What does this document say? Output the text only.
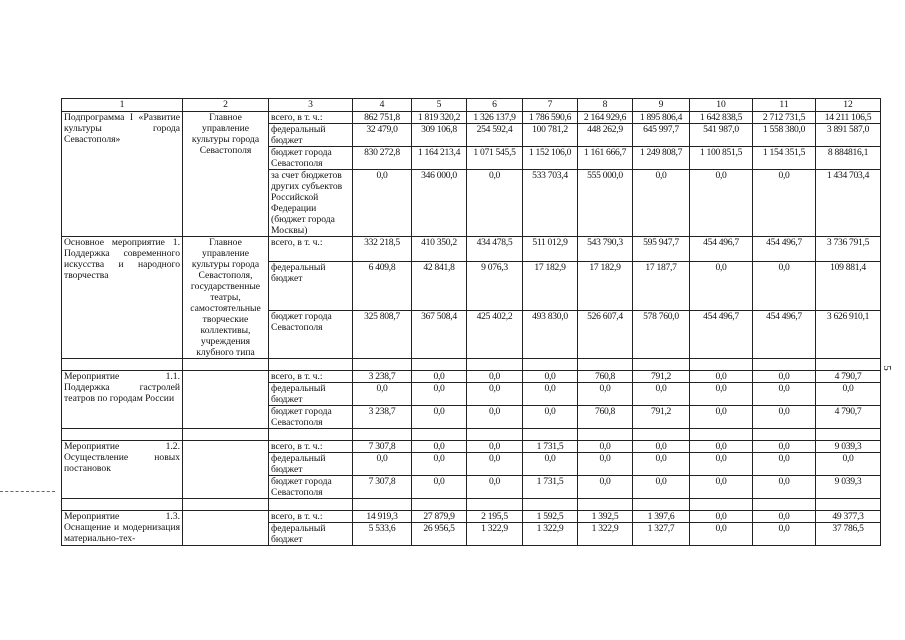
5
1	2	3	4	5	6	7	8	9	10	11	12
Подпрограмма I «Развитие культуры города Севастополя»	Главное управление культуры города Севастополя	всего, в т. ч.:	862 751,8	1 819 320,2	1 326 137,9	1 786 590,6	2 164 929,6	1 895 806,4	1 642 838,5	2 712 731,5	14 211 106,5
		федеральный бюджет	32 479,0	309 106,8	254 592,4	100 781,2	448 262,9	645 997,7	541 987,0	1 558 380,0	3 891 587,0
		бюджет города Севастополя	830 272,8	1 164 213,4	1 071 545,5	1 152 106,0	1 161 666,7	1 249 808,7	1 100 851,5	1 154 351,5	8 884816,1
		за счет бюджетов других субъектов Российской Федерации (бюджет города Москвы)	0,0	346 000,0	0,0	533 703,4	555 000,0	0,0	0,0	0,0	1 434 703,4
Основное мероприятие 1. Поддержка современного искусства и народного творчества	Главное управление культуры города Севастополя, государственные театры, самостоятельные творческие коллективы, учреждения клубного типа	всего, в т. ч.:	332 218,5	410 350,2	434 478,5	511 012,9	543 790,3	595 947,7	454 496,7	454 496,7	3 736 791,5
		федеральный бюджет	6 409,8	42 841,8	9 076,3	17 182,9	17 182,9	17 187,7	0,0	0,0	109 881,4
		бюджет города Севастополя	325 808,7	367 508,4	425 402,2	493 830,0	526 607,4	578 760,0	454 496,7	454 496,7	3 626 910,1

Мероприятие 1.1. Поддержка гастролей театров по городам России		всего, в т. ч.:	3 238,7	0,0	0,0	0,0	760,8	791,2	0,0	0,0	4 790,7
		федеральный бюджет	0,0	0,0	0,0	0,0	0,0	0,0	0,0	0,0	0,0
		бюджет города Севастополя	3 238,7	0,0	0,0	0,0	760,8	791,2	0,0	0,0	4 790,7

Мероприятие 1.2. Осуществление новых постановок		всего, в т. ч.:	7 307,8	0,0	0,0	1 731,5	0,0	0,0	0,0	0,0	9 039,3
		федеральный бюджет	0,0	0,0	0,0	0,0	0,0	0,0	0,0	0,0	0,0
		бюджет города Севастополя	7 307,8	0,0	0,0	1 731,5	0,0	0,0	0,0	0,0	9 039,3

Мероприятие 1.3. Оснащение и модернизация материально-тех-		всего, в т. ч.:	14 919,3	27 879,9	2 195,5	1 592,5	1 392,5	1 397,6	0,0	0,0	49 377,3
		федеральный бюджет	5 533,6	26 956,5	1 322,9	1 322,9	1 322,9	1 327,7	0,0	0,0	37 786,5
